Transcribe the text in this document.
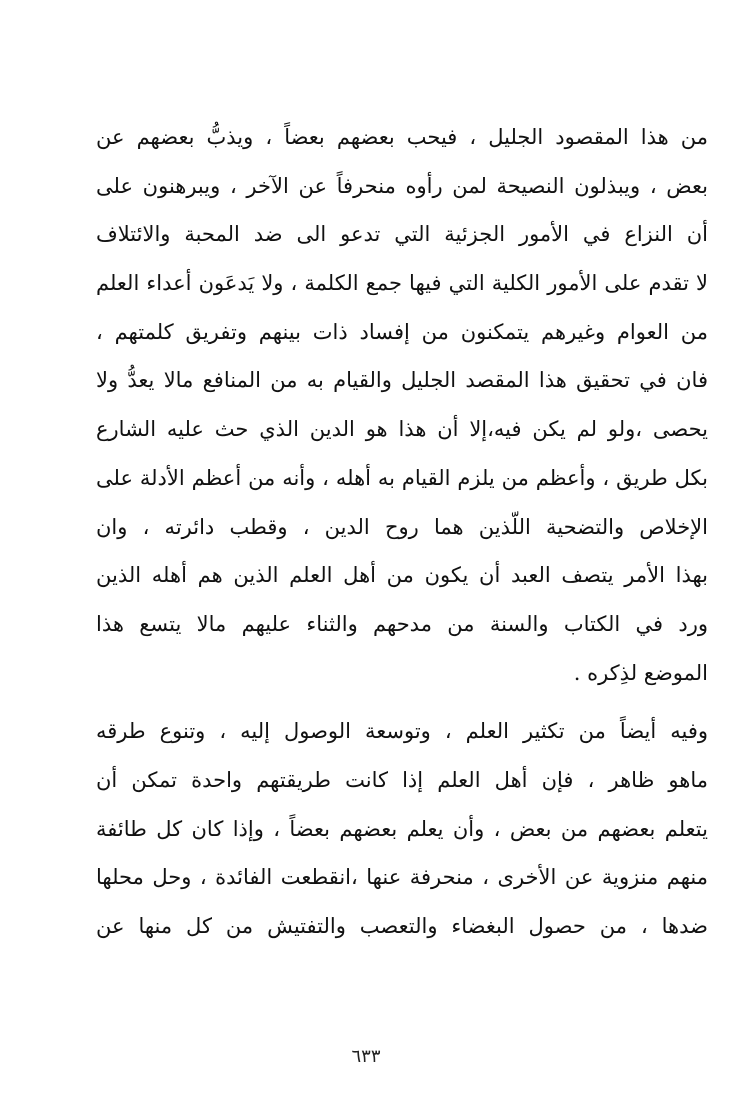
من هذا المقصود الجليل ، فيحب بعضهم بعضاً ، ويذبُّ بعضهم عن
بعض ، ويبذلون النصيحة لمن رأوه منحرفاً عن الآخر ، ويبرهنون على
أن النزاع في الأمور الجزئية التي تدعو الى ضد المحبة والائتلاف
لا تقدم على الأمور الكلية التي فيها جمع الكلمة ، ولا يَدعَون أعداء العلم
من العوام وغيرهم يتمكنون من إفساد ذات بينهم وتفريق كلمتهم ،
فان في تحقيق هذا المقصد الجليل والقيام به من المنافع مالا يعدُّ ولا
يحصى ،ولو لم يكن فيه،إلا أن هذا هو الدين الذي حث عليه الشارع
بكل طريق ، وأعظم من يلزم القيام به أهله ، وأنه من أعظم الأدلة على
الإخلاص والتضحية اللّذين هما روح الدين ، وقطب دائرته ، وان
بهذا الأمر يتصف العبد أن يكون من أهل العلم الذين هم أهله الذين
ورد في الكتاب والسنة من مدحهم والثناء عليهم مالا يتسع هذا
الموضع لذِكره .
وفيه أيضاً من تكثير العلم ، وتوسعة الوصول إليه ، وتنوع طرقه
ماهو ظاهر ، فإن أهل العلم إذا كانت طريقتهم واحدة تمكن أن
يتعلم بعضهم من بعض ، وأن يعلم بعضهم بعضاً ، وإذا كان كل طائفة
منهم منزوية عن الأخرى ، منحرفة عنها ،انقطعت الفائدة ، وحل محلها
ضدها ، من حصول البغضاء والتعصب والتفتيش من كل منها عن
٦٣٣
